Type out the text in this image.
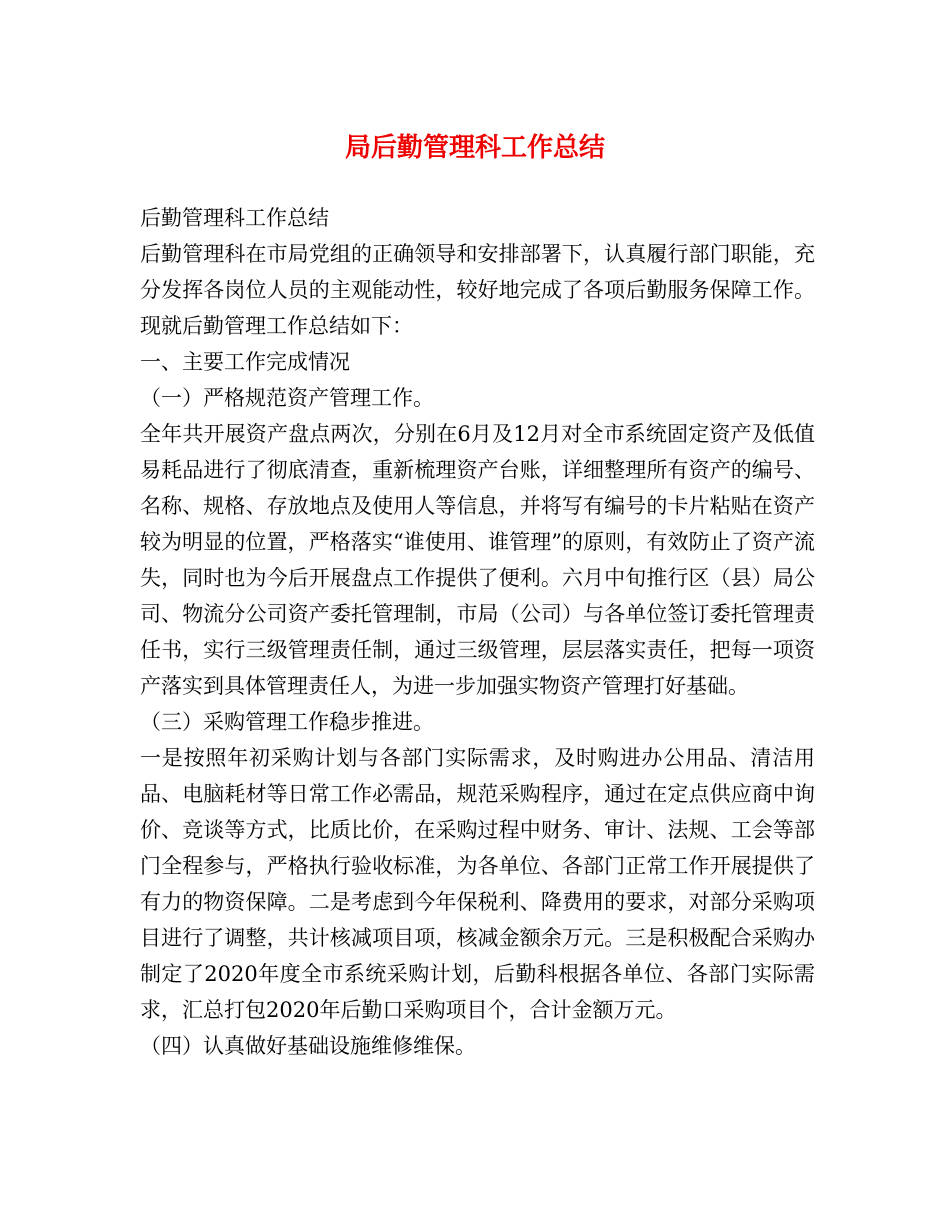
局后勤管理科工作总结

后勤管理科工作总结

后勤管理科在市局党组的正确领导和安排部署下，认真履行部门职能，充分发挥各岗位人员的主观能动性，较好地完成了各项后勤服务保障工作。现就后勤管理工作总结如下：

一、主要工作完成情况

（一）严格规范资产管理工作。

全年共开展资产盘点两次，分别在6月及12月对全市系统固定资产及低值易耗品进行了彻底清查，重新梳理资产台账，详细整理所有资产的编号、名称、规格、存放地点及使用人等信息，并将写有编号的卡片粘贴在资产较为明显的位置，严格落实“谁使用、谁管理”的原则，有效防止了资产流失，同时也为今后开展盘点工作提供了便利。六月中旬推行区（县）局公司、物流分公司资产委托管理制，市局（公司）与各单位签订委托管理责任书，实行三级管理责任制，通过三级管理，层层落实责任，把每一项资产落实到具体管理责任人，为进一步加强实物资产管理打好基础。

（三）采购管理工作稳步推进。

一是按照年初采购计划与各部门实际需求，及时购进办公用品、清洁用品、电脑耗材等日常工作必需品，规范采购程序，通过在定点供应商中询价、竞谈等方式，比质比价，在采购过程中财务、审计、法规、工会等部门全程参与，严格执行验收标准，为各单位、各部门正常工作开展提供了有力的物资保障。二是考虑到今年保税利、降费用的要求，对部分采购项目进行了调整，共计核减项目项，核减金额余万元。三是积极配合采购办制定了2020年度全市系统采购计划，后勤科根据各单位、各部门实际需求，汇总打包2020年后勤口采购项目个，合计金额万元。

（四）认真做好基础设施维修维保。
